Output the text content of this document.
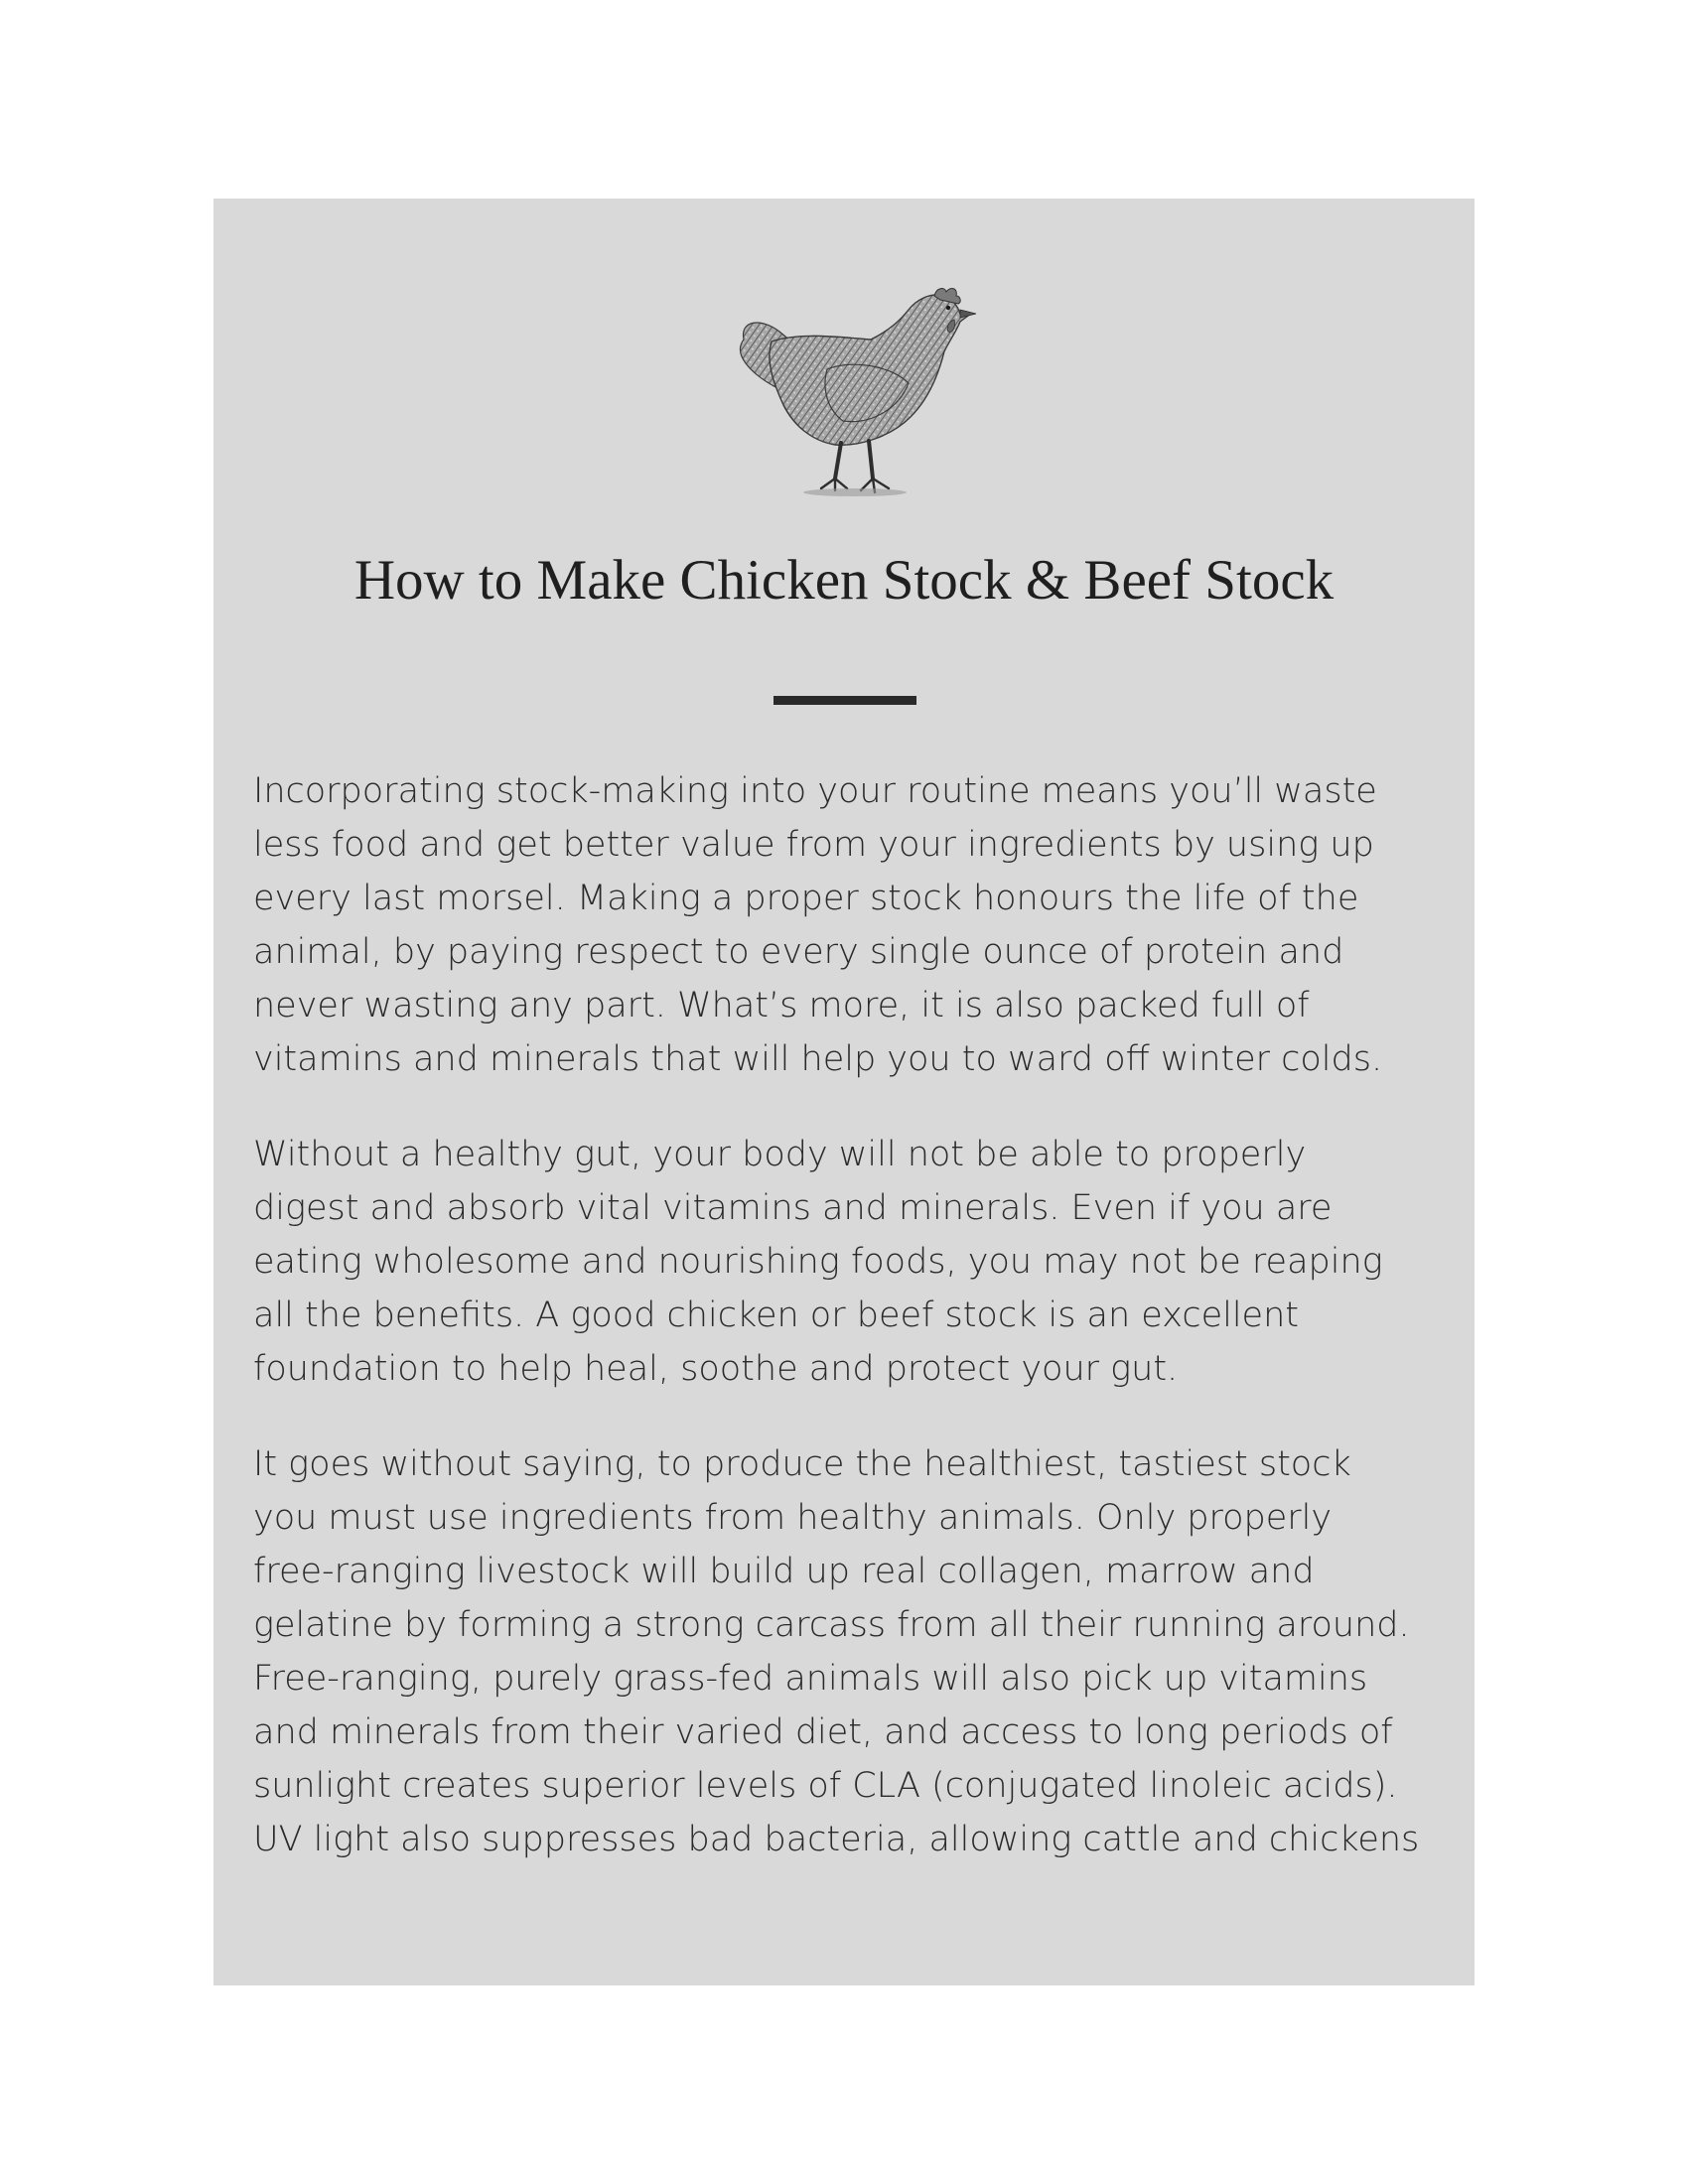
How to Make Chicken Stock & Beef Stock

Incorporating stock-making into your routine means you’ll waste
less food and get better value from your ingredients by using up
every last morsel. Making a proper stock honours the life of the
animal, by paying respect to every single ounce of protein and
never wasting any part. What’s more, it is also packed full of
vitamins and minerals that will help you to ward off winter colds.

Without a healthy gut, your body will not be able to properly
digest and absorb vital vitamins and minerals. Even if you are
eating wholesome and nourishing foods, you may not be reaping
all the benefits. A good chicken or beef stock is an excellent
foundation to help heal, soothe and protect your gut.

It goes without saying, to produce the healthiest, tastiest stock
you must use ingredients from healthy animals. Only properly
free-ranging livestock will build up real collagen, marrow and
gelatine by forming a strong carcass from all their running around.
Free-ranging, purely grass-fed animals will also pick up vitamins
and minerals from their varied diet, and access to long periods of
sunlight creates superior levels of CLA (conjugated linoleic acids).
UV light also suppresses bad bacteria, allowing cattle and chickens
